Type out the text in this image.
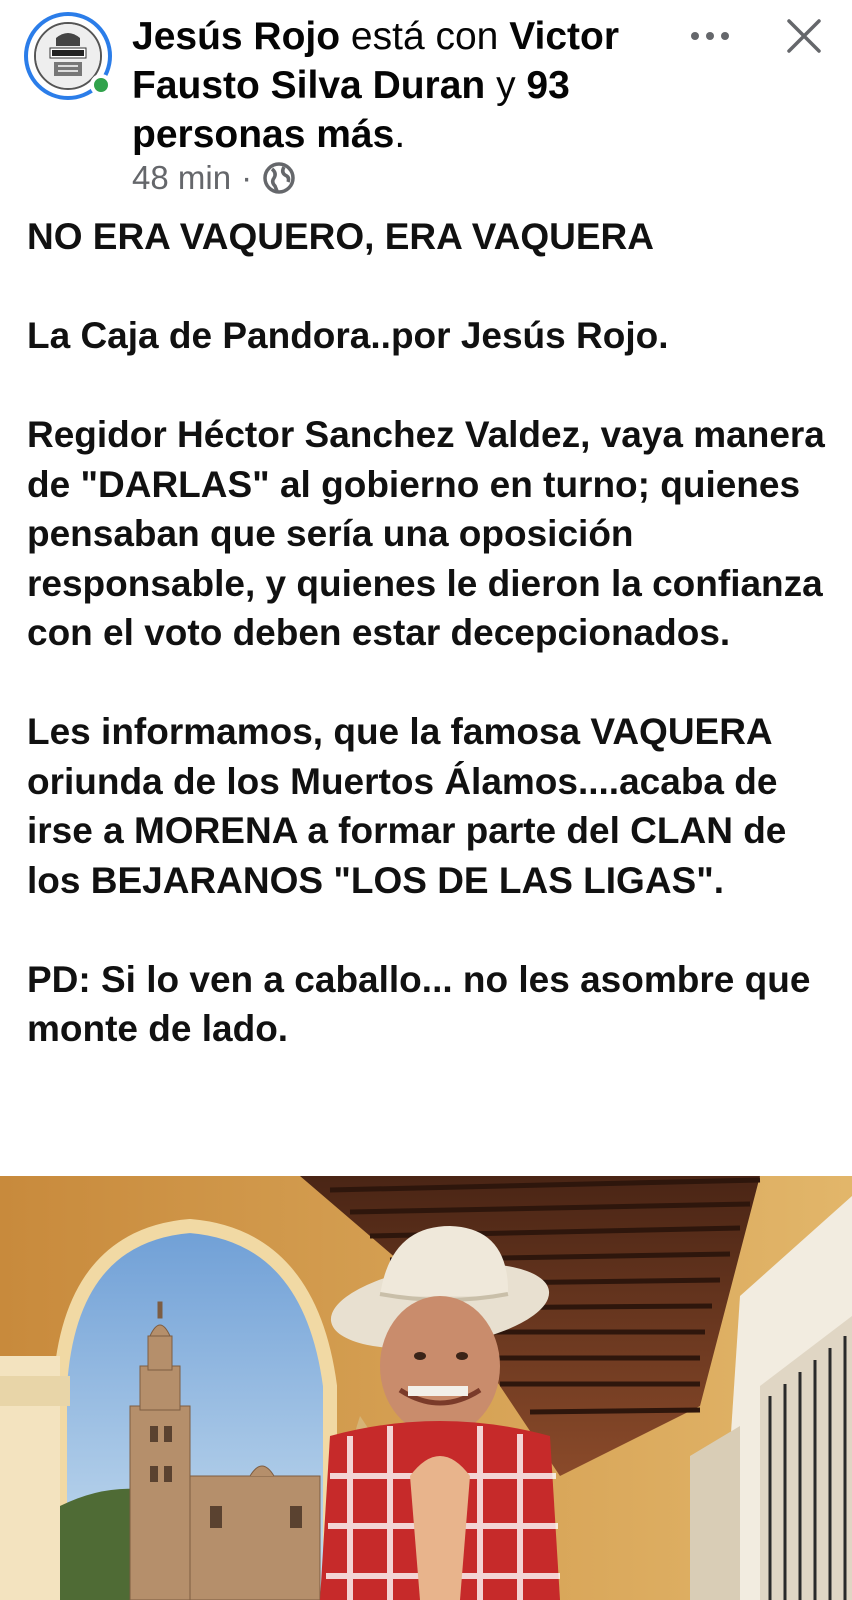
Jesús Rojo está con Victor Fausto Silva Duran y 93 personas más.
48 min ·

NO ERA VAQUERO, ERA VAQUERA

La Caja de Pandora..por Jesús Rojo.

Regidor Héctor Sanchez Valdez, vaya manera de "DARLAS" al gobierno en turno; quienes pensaban que sería una oposición responsable, y quienes le dieron la confianza con el voto deben estar decepcionados.

Les informamos, que la famosa VAQUERA oriunda de los Muertos Álamos....acaba de irse a MORENA a formar parte del CLAN de los BEJARANOS "LOS DE LAS LIGAS".

PD: Si lo ven a caballo... no les asombre que monte de lado.
